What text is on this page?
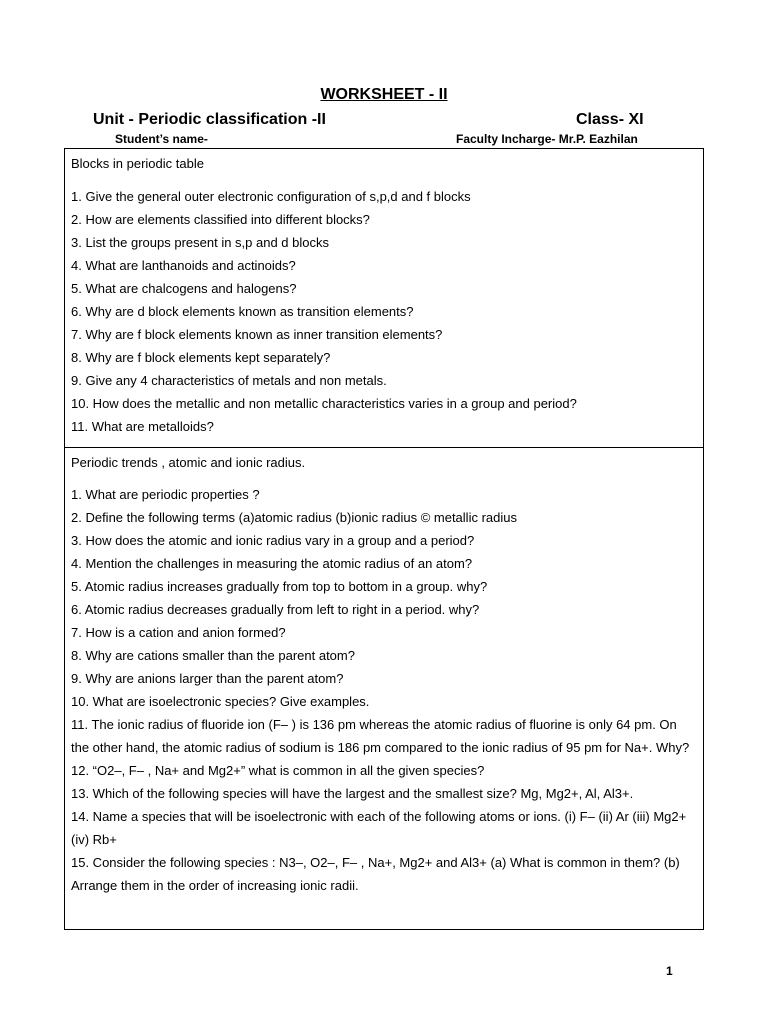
WORKSHEET - II
Unit - Periodic classification -II	Class- XI
Student’s name-	Faculty Incharge- Mr.P. Eazhilan
Blocks in periodic table
1. Give the general outer electronic configuration of s,p,d and f blocks
2. How are elements classified into different blocks?
3. List the groups present in s,p and d blocks
4. What are lanthanoids and actinoids?
5. What are chalcogens and halogens?
6. Why are d block elements known as transition elements?
7. Why are f block elements known as inner transition elements?
8. Why are f block elements kept separately?
9. Give any 4 characteristics of metals and non metals.
10. How does the metallic and non metallic characteristics varies in a group and period?
11. What are metalloids?
Periodic trends , atomic and ionic radius.
1. What are periodic properties ?
2. Define the following terms (a)atomic radius (b)ionic radius © metallic radius
3. How does the atomic and ionic radius vary in a group and a period?
4. Mention the challenges in measuring the atomic radius of an atom?
5. Atomic radius increases gradually from top to bottom in a group. why?
6. Atomic radius decreases gradually from left to right in a period. why?
7. How is a cation and anion formed?
8. Why are cations smaller than the parent atom?
9. Why are anions larger than the parent atom?
10. What are isoelectronic species? Give examples.
11. The ionic radius of fluoride ion (F– ) is 136 pm whereas the atomic radius of fluorine is only 64 pm. On the other hand, the atomic radius of sodium is 186 pm compared to the ionic radius of 95 pm for Na+. Why?
12. “O2–, F– , Na+ and Mg2+” what is common in all the given species?
13. Which of the following species will have the largest and the smallest size? Mg, Mg2+, Al, Al3+.
14. Name a species that will be isoelectronic with each of the following atoms or ions. (i) F– (ii) Ar (iii) Mg2+ (iv) Rb+
15. Consider the following species : N3–, O2–, F– , Na+, Mg2+ and Al3+ (a) What is common in them? (b) Arrange them in the order of increasing ionic radii.
1
